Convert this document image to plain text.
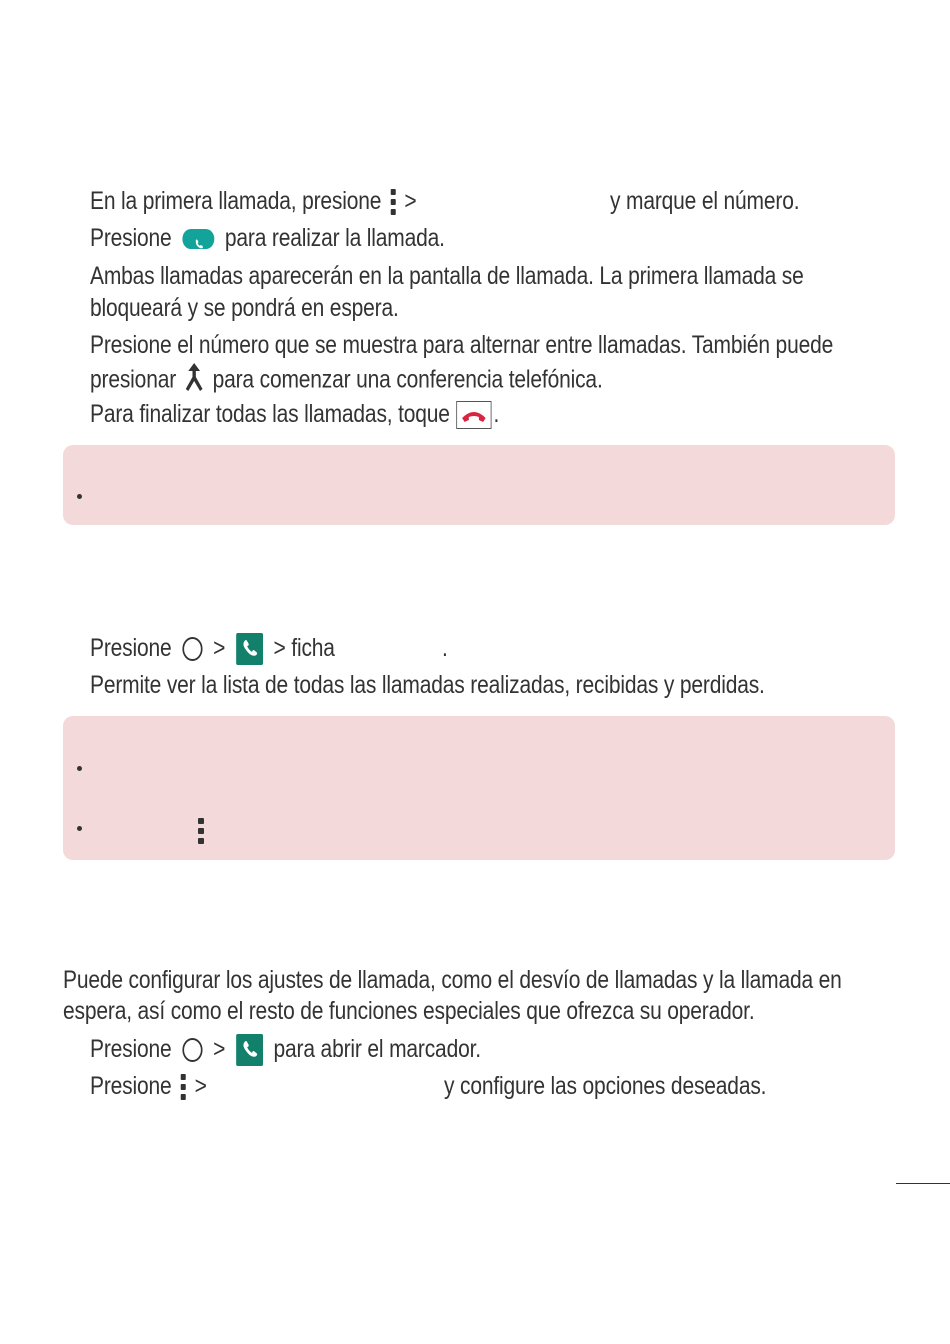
En la primera llamada, presione >	y marque el número.
Presione para realizar la llamada.
Ambas llamadas aparecerán en la pantalla de llamada. La primera llamada se
bloqueará y se pondrá en espera.
Presione el número que se muestra para alternar entre llamadas. También puede
presionar para comenzar una conferencia telefónica.
Para finalizar todas las llamadas, toque .
Presione > > ficha	.
Permite ver la lista de todas las llamadas realizadas, recibidas y perdidas.
Puede configurar los ajustes de llamada, como el desvío de llamadas y la llamada en
espera, así como el resto de funciones especiales que ofrezca su operador.
Presione > para abrir el marcador.
Presione >	y configure las opciones deseadas.
